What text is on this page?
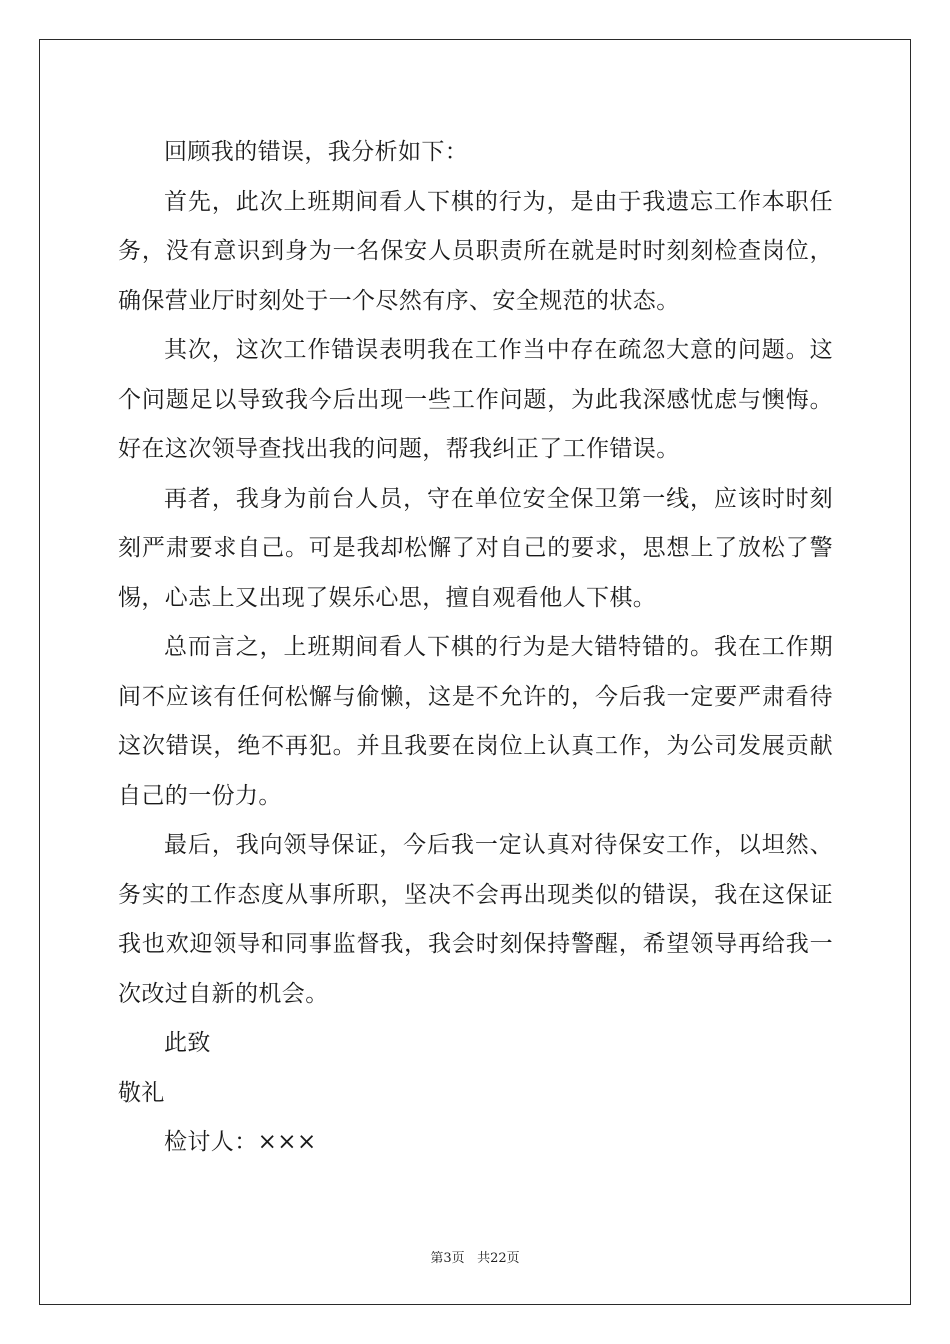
回顾我的错误，我分析如下：

首先，此次上班期间看人下棋的行为，是由于我遗忘工作本职任务，没有意识到身为一名保安人员职责所在就是时时刻刻检查岗位，确保营业厅时刻处于一个尽然有序、安全规范的状态。

其次，这次工作错误表明我在工作当中存在疏忽大意的问题。这个问题足以导致我今后出现一些工作问题，为此我深感忧虑与懊悔。好在这次领导查找出我的问题，帮我纠正了工作错误。

再者，我身为前台人员，守在单位安全保卫第一线，应该时时刻刻严肃要求自己。可是我却松懈了对自己的要求，思想上了放松了警惕，心志上又出现了娱乐心思，擅自观看他人下棋。

总而言之，上班期间看人下棋的行为是大错特错的。我在工作期间不应该有任何松懈与偷懒，这是不允许的，今后我一定要严肃看待这次错误，绝不再犯。并且我要在岗位上认真工作，为公司发展贡献自己的一份力。

最后，我向领导保证，今后我一定认真对待保安工作，以坦然、务实的工作态度从事所职，坚决不会再出现类似的错误，我在这保证我也欢迎领导和同事监督我，我会时刻保持警醒，希望领导再给我一次改过自新的机会。

此致

敬礼

检讨人：×××

第3页 共22页
